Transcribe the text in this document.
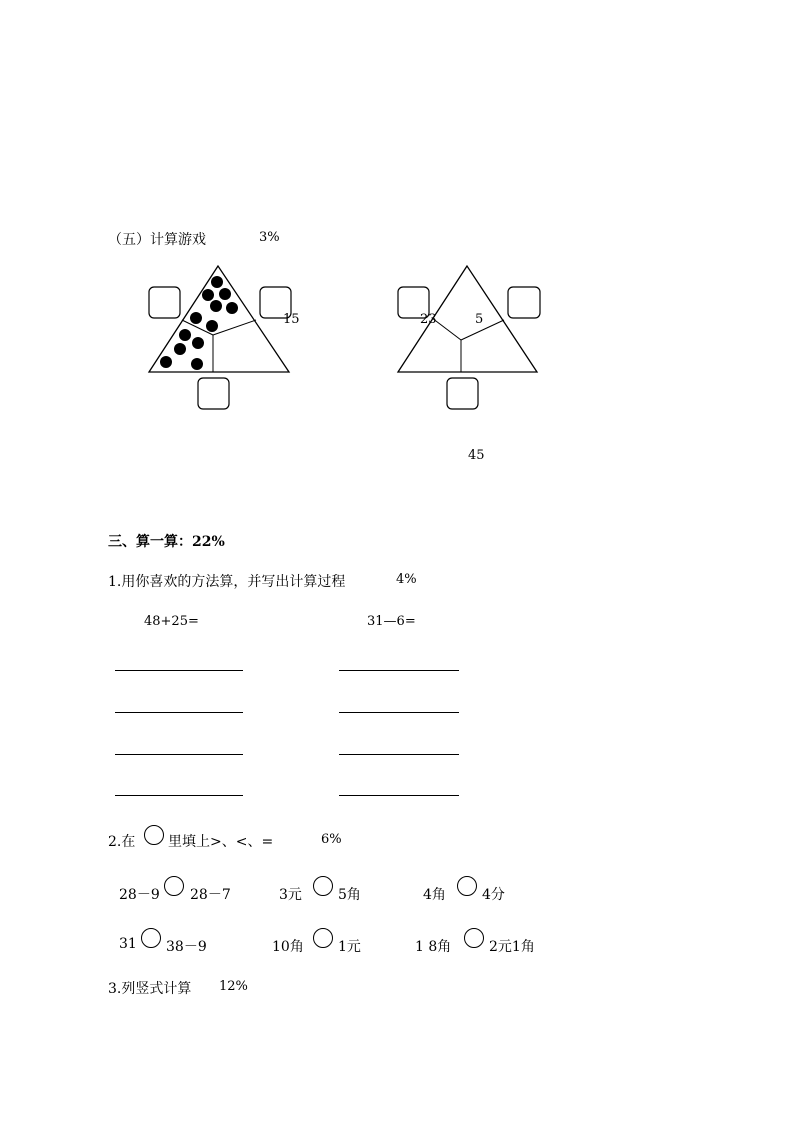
（五）计算游戏	3%
15	23	5
45
三、算一算：22%
1.用你喜欢的方法算，并写出计算过程	4%
48+25=	31—6=
2.在 里填上>、<、=	6%
28－9 28－7	3元	5角	4角	4分
31 38－9	10角 1元	1 8角	2元1角
3.列竖式计算 12%
